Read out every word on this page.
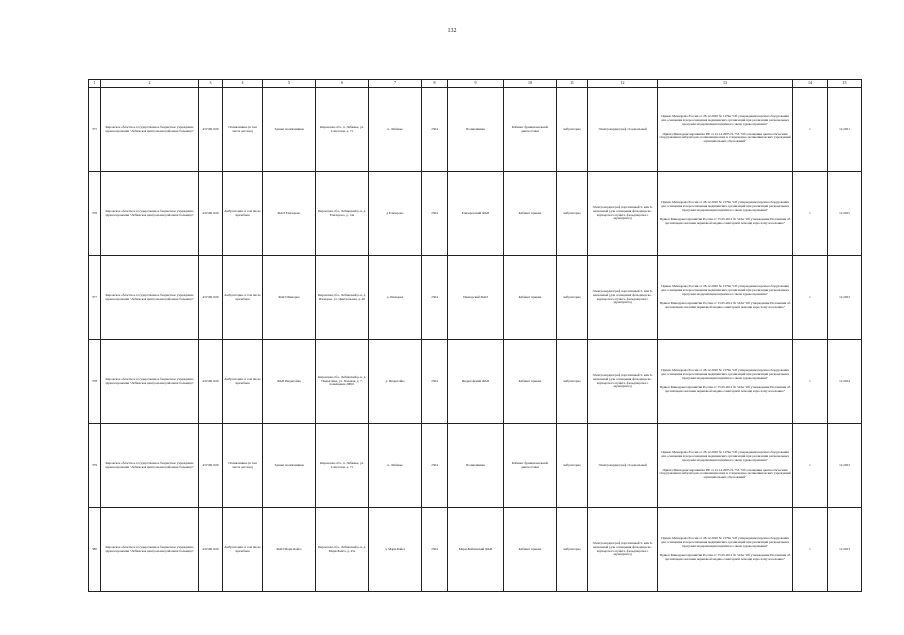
132
1	2	3	4	5	6	7	8	9	10	11	12	13	14	15
375	Кировское областное государственное бюджетное учреждение здравоохранения "Лебяжская центральная районная больница"	4315001100	Поликлиника (в том числе детская)	Здание поликлиники	Кировская обл., п. Лебяжье, ул. Советская, д. 71	п. Лебяжье	2304	Поликлиника	Кабинет функциональной диагностики	амбулаторно	Электрокардиограф 12-канальный	Приказ Минздрава России от 28.12.2020 № 1379н "Об утверждении перечня оборудования для оснащения и переоснащения медицинских организаций при реализации региональных программ модернизации первичного звена здравоохранения"
Приказ Минздравсоцразвития РФ от 01.12.2005 № 753 "Об оснащении диагностическим оборудованием амбулаторно-поликлинических и стационарно-поликлинических учреждений муниципальных образований"	1	12.2021
376	Кировское областное государственное бюджетное учреждение здравоохранения "Лебяжская центральная районная больница"	4315001100	Амбулатория, в том числе врачебная	ФАП Елизарово	Кировская обл., Лебяжский р-н, д. Елизарово, д. 14а	д.Елизарово	2304	Елизаровский ФАП	Кабинет приема	амбулаторно	Электрокардиограф портативный 3- или 6-канальный (для оснащения фельдшерско-акушерского пункта, фельдшерского здравпункта)	Приказ Минздрава России от 28.12.2020 № 1379н "Об утверждении перечня оборудования для оснащения и переоснащения медицинских организаций при реализации региональных программ модернизации первичного звена здравоохранения"
Приказ Минздравсоцразвития России от 15.05.2012 № 543н "Об утверждении Положения об организации оказания первичной медико-санитарной помощи взрослому населению"	1	12.2025
377	Кировское областное государственное бюджетное учреждение здравоохранения "Лебяжская центральная районная больница"	4315001100	Амбулатория, в том числе врачебная	ФАП Ижморка	Кировская обл., Лебяжский р-н, д. Ижморка, ул. Центральная, д. 40	д. Ижморка	2304	Ижморский ФАП	Кабинет приема	амбулаторно	Электрокардиограф портативный 3- или 6-канальный (для оснащения фельдшерско-акушерского пункта, фельдшерского здравпункта)	Приказ Минздрава России от 28.12.2020 № 1379н "Об утверждении перечня оборудования для оснащения и переоснащения медицинских организаций при реализации региональных программ модернизации первичного звена здравоохранения"
Приказ Минздравсоцразвития России от 15.05.2012 № 543н "Об утверждении Положения об организации оказания первичной медико-санитарной помощи взрослому населению"	1	12.2023
378	Кировское областное государственное бюджетное учреждение здравоохранения "Лебяжская центральная районная больница"	4315001100	Амбулатория, в том числе врачебная	ФАП Индыгойка	Кировская обл., Лебяжский р-н, д. Индыгойка, ул. Полевая, д. 7, помещение 20001	д. Индыгойка	2304	Индыгойский ФАП	Кабинет приема	амбулаторно	Электрокардиограф портативный 3- или 6-канальный (для оснащения фельдшерско-акушерского пункта, фельдшерского здравпункта)	Приказ Минздрава России от 28.12.2020 № 1379н "Об утверждении перечня оборудования для оснащения и переоснащения медицинских организаций при реализации региональных программ модернизации первичного звена здравоохранения"
Приказ Минздравсоцразвития России от 15.05.2012 № 543н "Об утверждении Положения об организации оказания первичной медико-санитарной помощи взрослому населению"	1	12.2024
379	Кировское областное государственное бюджетное учреждение здравоохранения "Лебяжская центральная районная больница"	4315001100	Поликлиника (в том числе детская)	Здание поликлиники	Кировская обл., п. Лебяжье, ул. Советская, д. 71	п. Лебяжье	2304	Поликлиника	Кабинет функциональной диагностики	амбулаторно	Электрокардиограф 12-канальный	Приказ Минздрава России от 28.12.2020 № 1379н "Об утверждении перечня оборудования для оснащения и переоснащения медицинских организаций при реализации региональных программ модернизации первичного звена здравоохранения"
Приказ Минздравсоцразвития РФ от 01.12.2005 № 753 "Об оснащении диагностическим оборудованием амбулаторно-поликлинических и стационарно-поликлинических учреждений муниципальных образований"	1	12.2023
380	Кировское областное государственное бюджетное учреждение здравоохранения "Лебяжская центральная районная больница"	4315001100	Амбулатория, в том числе врачебная	ФАП Мари-Байса	Кировская обл., Лебяжский р-н, д. Мари-Байса, д. 45а	д. Мари-Байса	2304	Мари-Байсинский ФАП	Кабинет приема	амбулаторно	Электрокардиограф портативный 3- или 6-канальный (для оснащения фельдшерско-акушерского пункта, фельдшерского здравпункта)	Приказ Минздрава России от 28.12.2020 № 1379н "Об утверждении перечня оборудования для оснащения и переоснащения медицинских организаций при реализации региональных программ модернизации первичного звена здравоохранения"
Приказ Минздравсоцразвития России от 15.05.2012 № 543н "Об утверждении Положения об организации оказания первичной медико-санитарной помощи взрослому населению"	1	12.2023
